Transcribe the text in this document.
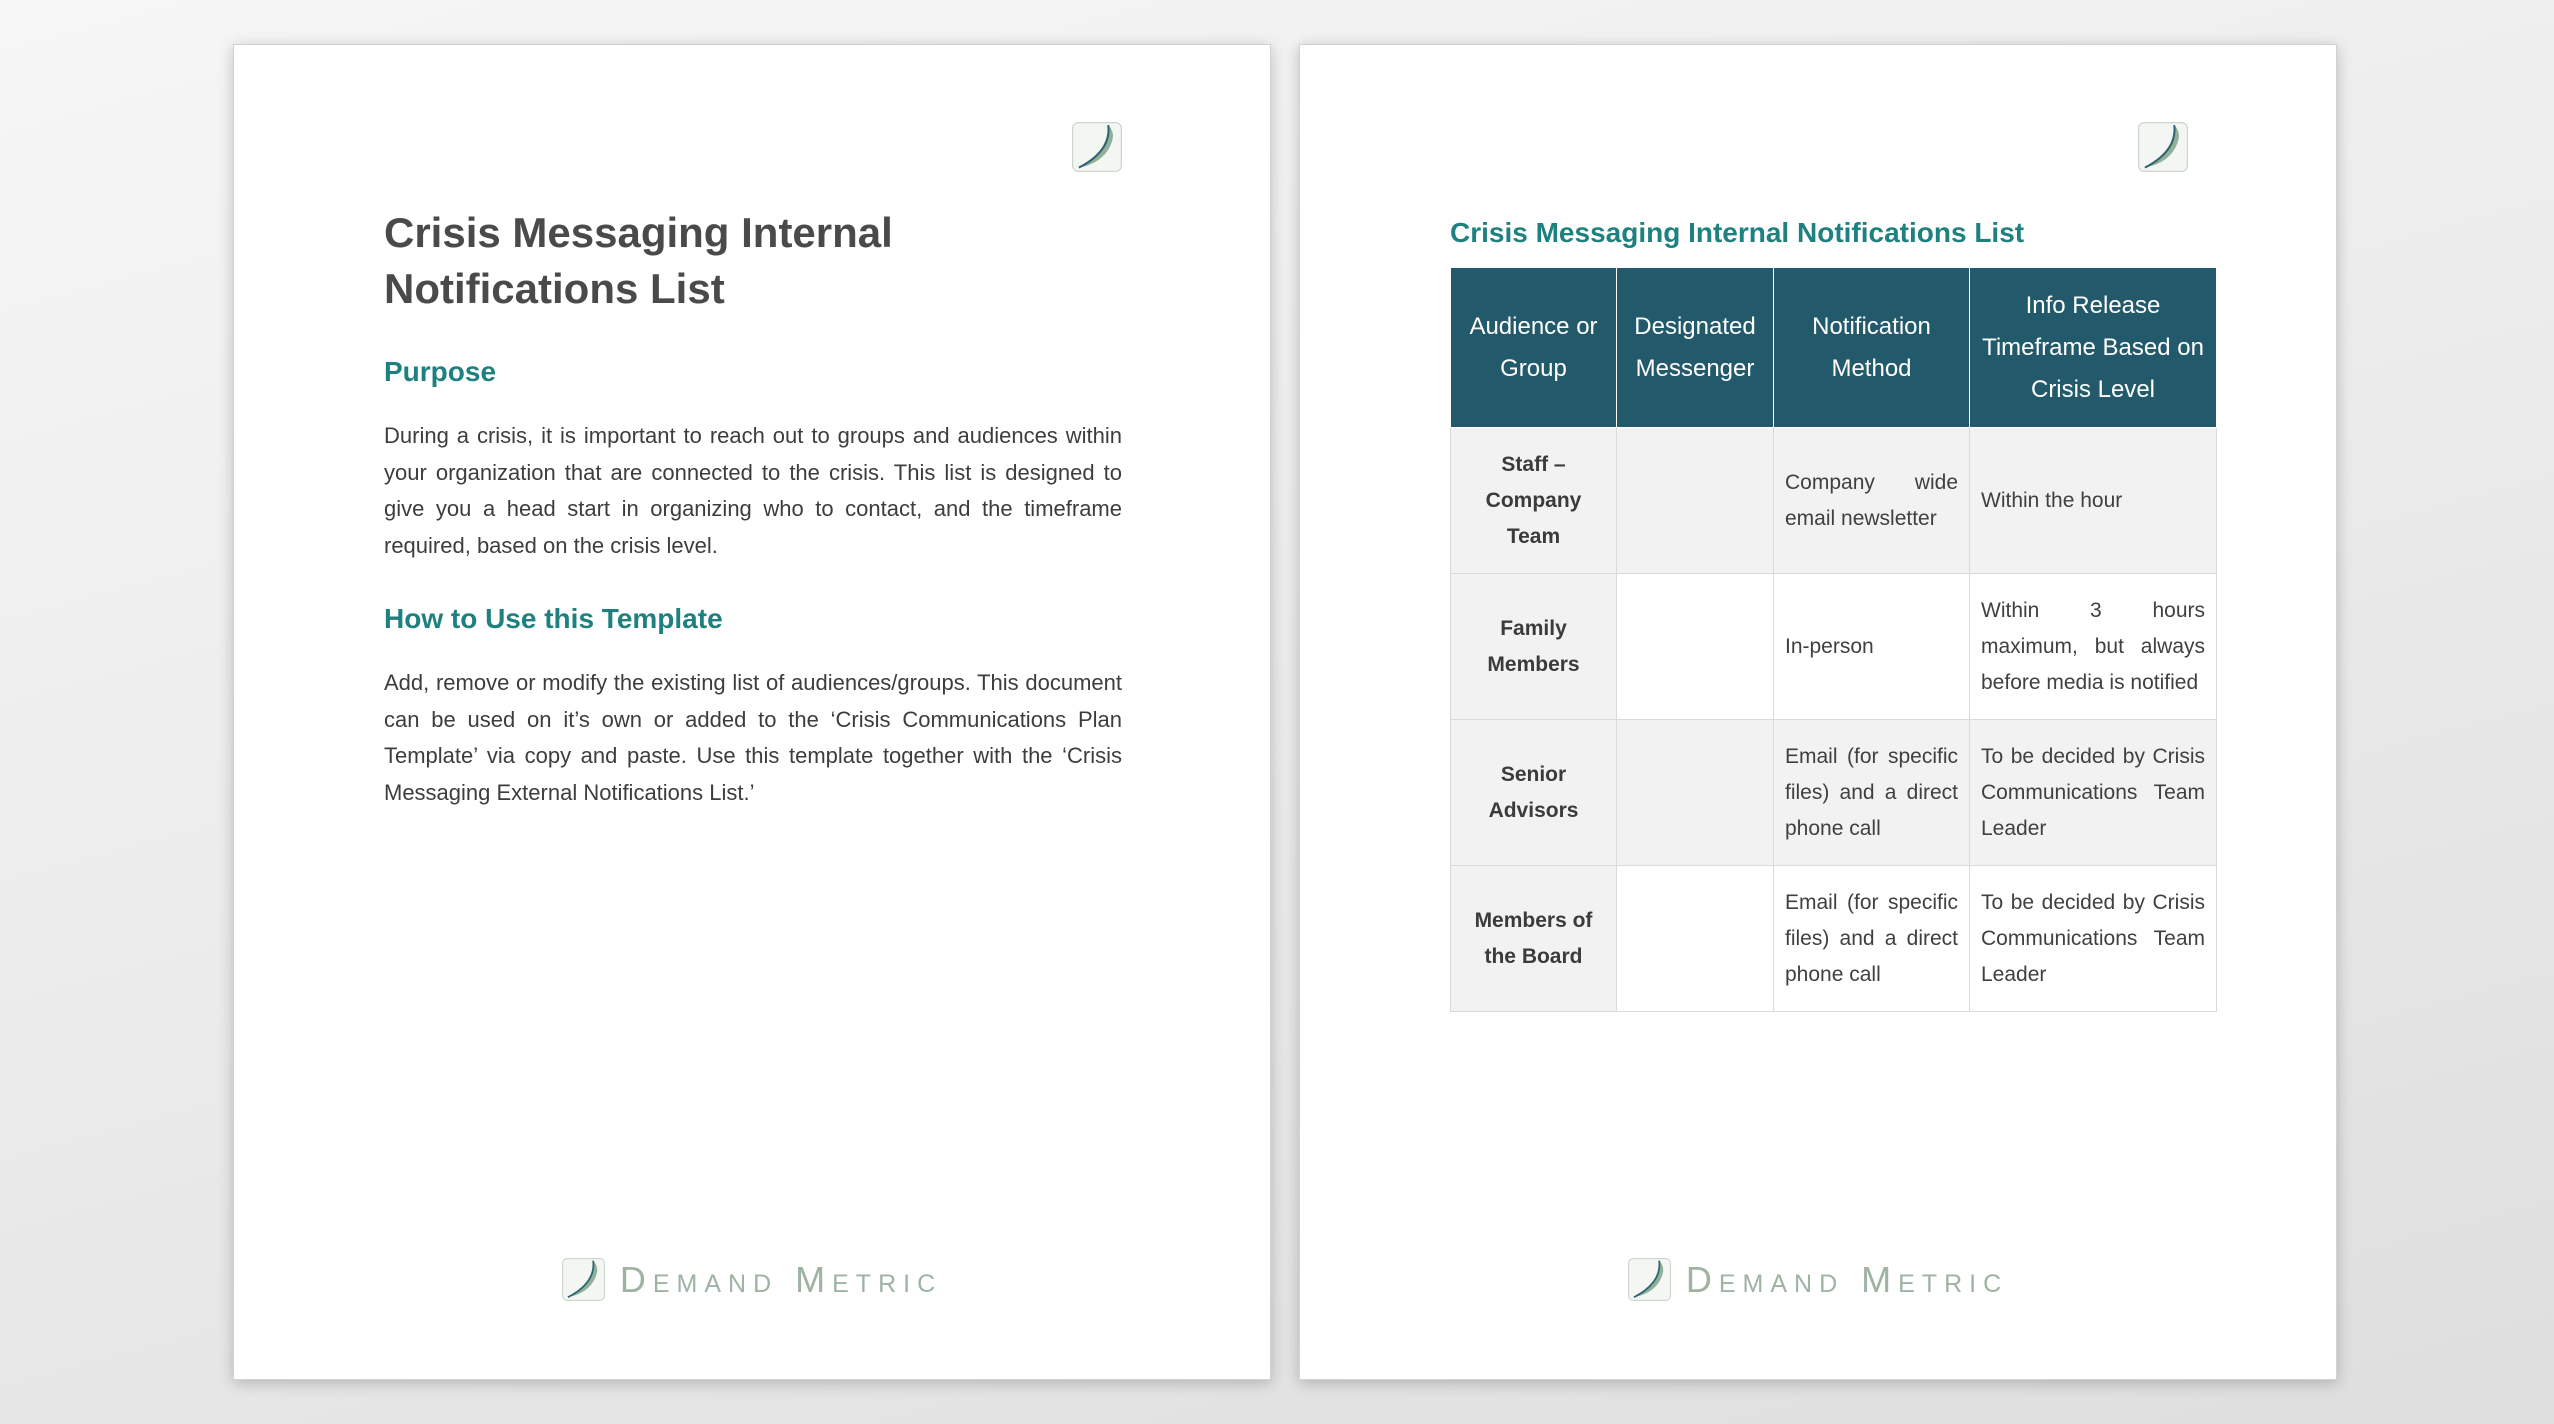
Crisis Messaging Internal Notifications List
Purpose

During a crisis, it is important to reach out to groups and audiences within your organization that are connected to the crisis. This list is designed to give you a head start in organizing who to contact, and the timeframe required, based on the crisis level.

How to Use this Template

Add, remove or modify the existing list of audiences/groups. This document can be used on it’s own or added to the ‘Crisis Communications Plan Template’ via copy and paste. Use this template together with the ‘Crisis Messaging External Notifications List.’

Demand Metric
Crisis Messaging Internal Notifications List
Audience or Group	Designated Messenger	Notification Method	Info Release Timeframe Based on Crisis Level
Staff – Company Team		Company wide email newsletter	Within the hour
Family Members		In-person	Within 3 hours maximum, but always before media is notified
Senior Advisors		Email (for specific files) and a direct phone call	To be decided by Crisis Communications Team Leader
Members of the Board		Email (for specific files) and a direct phone call	To be decided by Crisis Communications Team Leader
Demand Metric
